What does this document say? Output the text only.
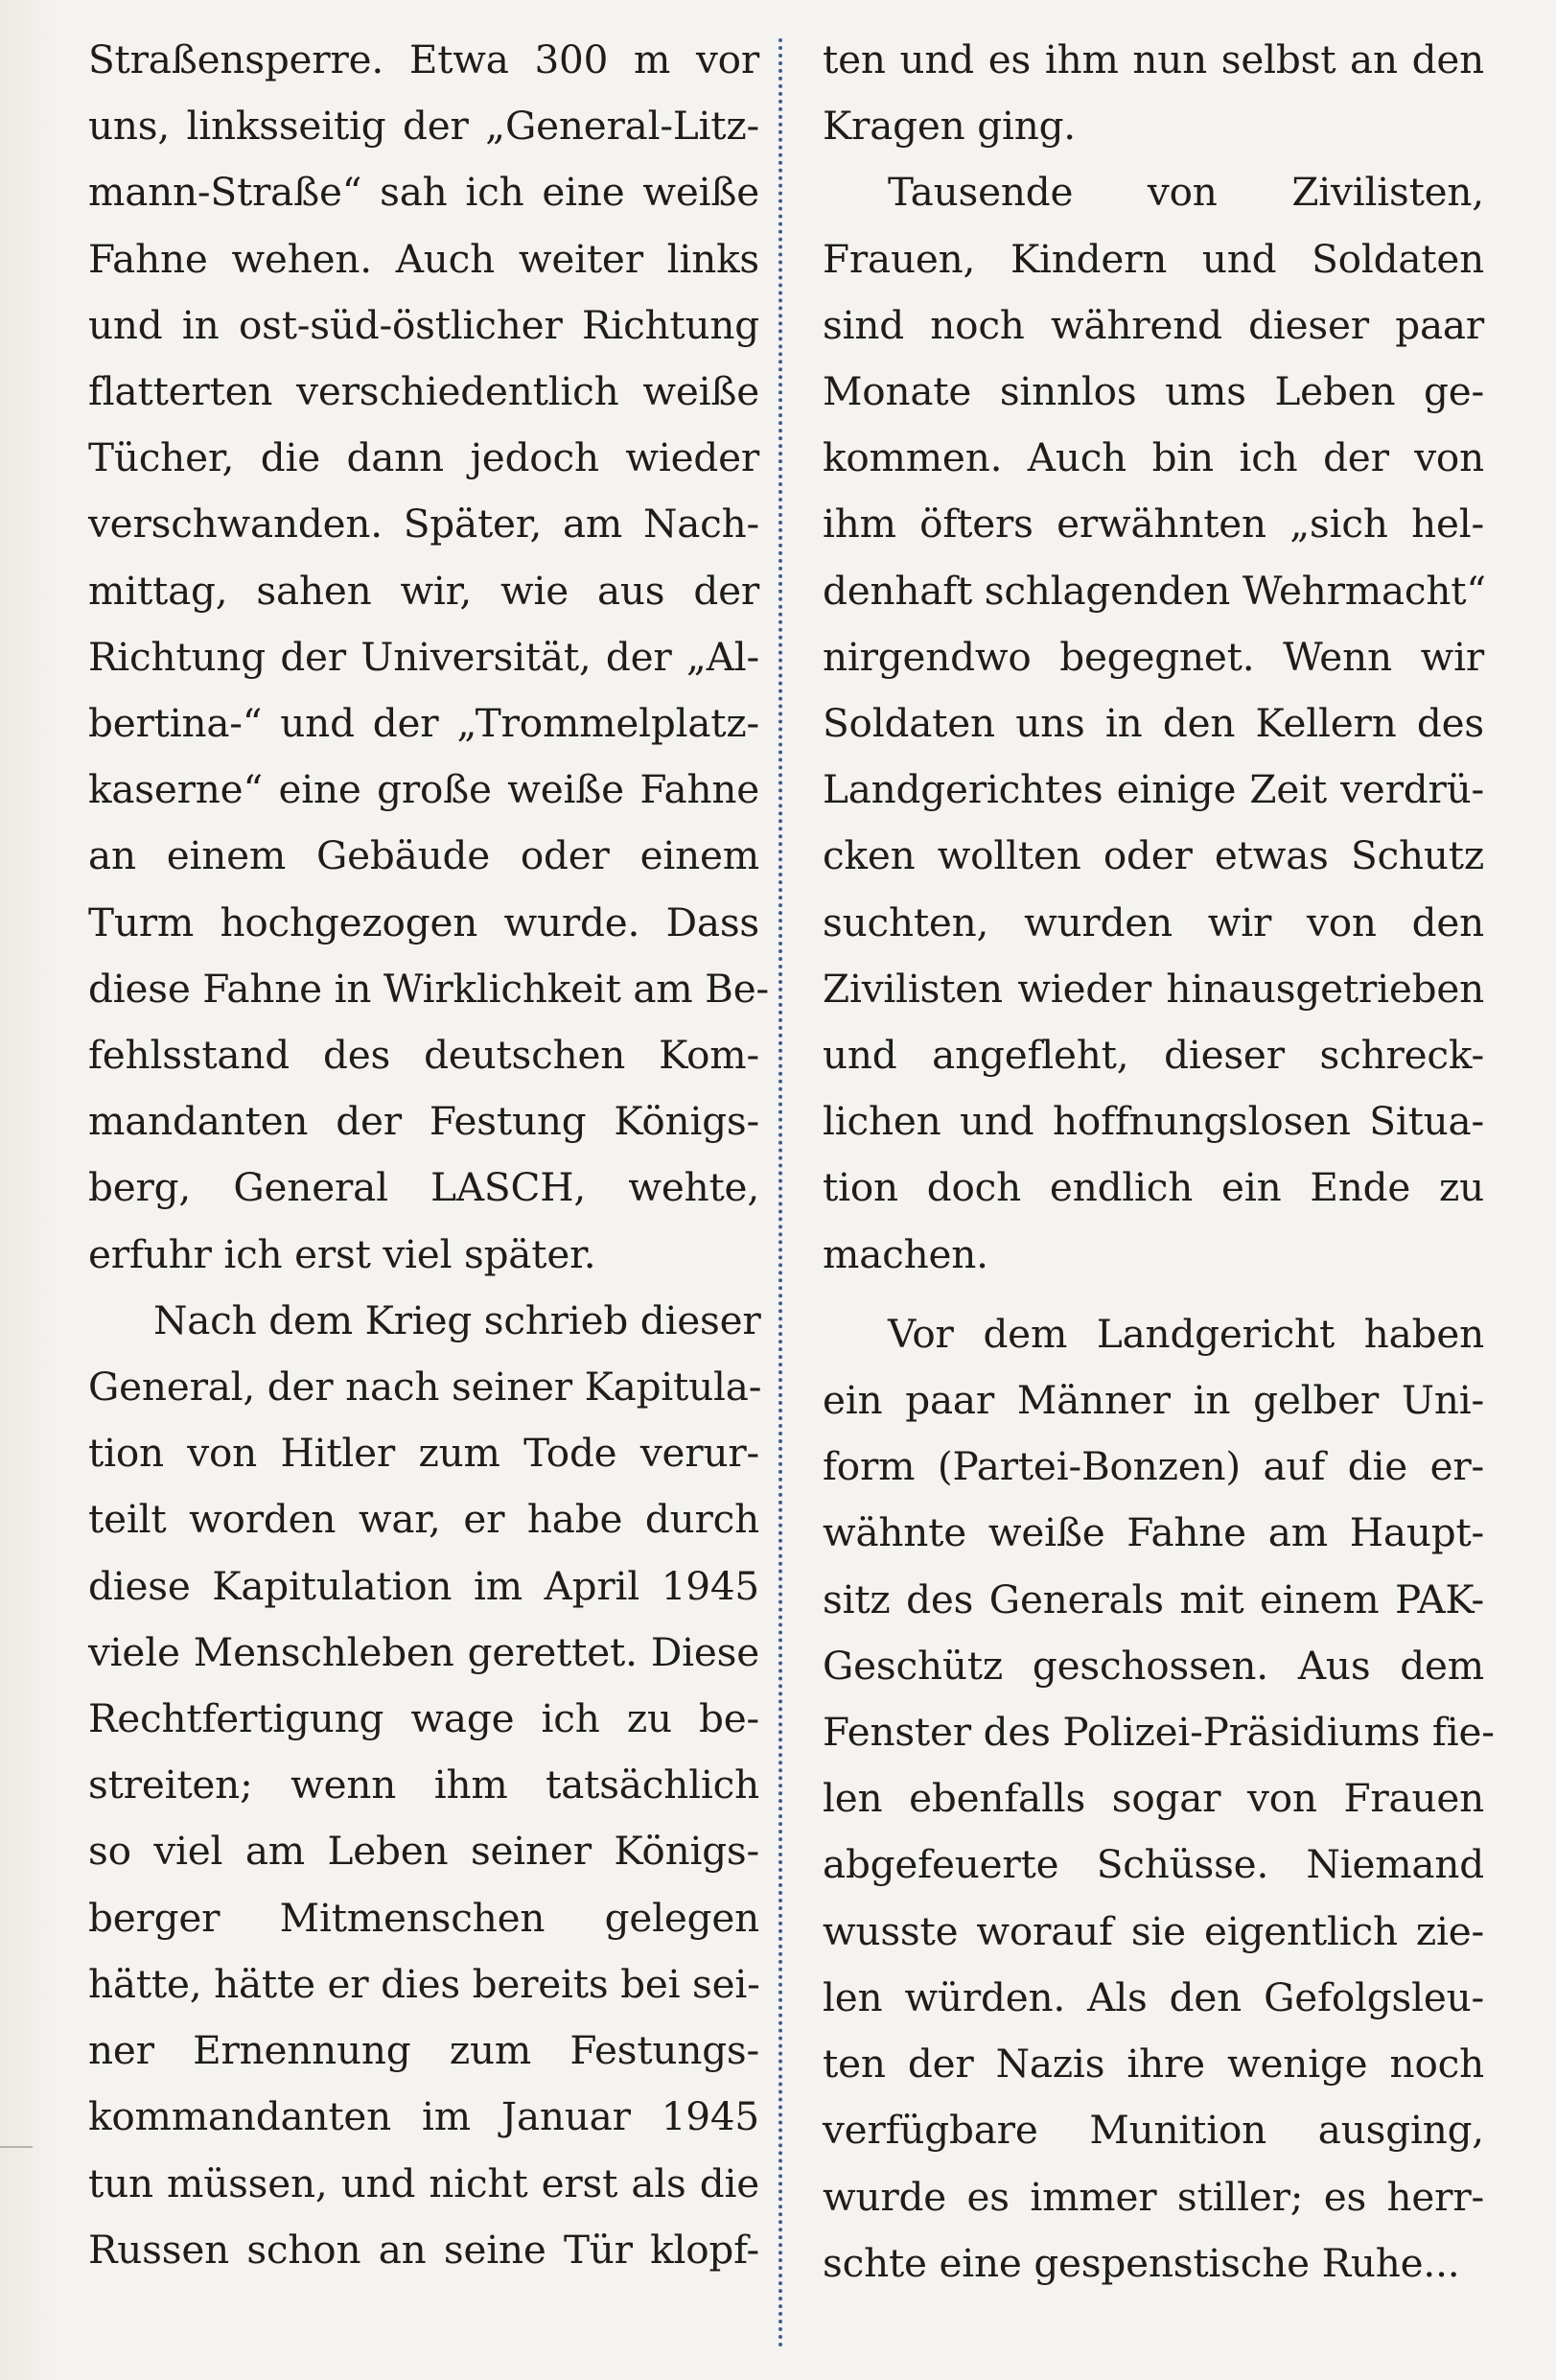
Straßensperre. Etwa 300 m vor
uns, linksseitig der „General-Litz-
mann-Straße“ sah ich eine weiße
Fahne wehen. Auch weiter links
und in ost-süd-östlicher Richtung
flatterten verschiedentlich weiße
Tücher, die dann jedoch wieder
verschwanden. Später, am Nach-
mittag, sahen wir, wie aus der
Richtung der Universität, der „Al-
bertina-“ und der „Trommelplatz-
kaserne“ eine große weiße Fahne
an einem Gebäude oder einem
Turm hochgezogen wurde. Dass
diese Fahne in Wirklichkeit am Be-
fehlsstand des deutschen Kom-
mandanten der Festung Königs-
berg, General LASCH, wehte,
erfuhr ich erst viel später.
Nach dem Krieg schrieb dieser
General, der nach seiner Kapitula-
tion von Hitler zum Tode verur-
teilt worden war, er habe durch
diese Kapitulation im April 1945
viele Menschleben gerettet. Diese
Rechtfertigung wage ich zu be-
streiten; wenn ihm tatsächlich
so viel am Leben seiner Königs-
berger Mitmenschen gelegen
hätte, hätte er dies bereits bei sei-
ner Ernennung zum Festungs-
kommandanten im Januar 1945
tun müssen, und nicht erst als die
Russen schon an seine Tür klopf-
ten und es ihm nun selbst an den
Kragen ging.
Tausende von Zivilisten,
Frauen, Kindern und Soldaten
sind noch während dieser paar
Monate sinnlos ums Leben ge-
kommen. Auch bin ich der von
ihm öfters erwähnten „sich hel-
denhaft schlagenden Wehrmacht“
nirgendwo begegnet. Wenn wir
Soldaten uns in den Kellern des
Landgerichtes einige Zeit verdrü-
cken wollten oder etwas Schutz
suchten, wurden wir von den
Zivilisten wieder hinausgetrieben
und angefleht, dieser schreck-
lichen und hoffnungslosen Situa-
tion doch endlich ein Ende zu
machen.
Vor dem Landgericht haben
ein paar Männer in gelber Uni-
form (Partei-Bonzen) auf die er-
wähnte weiße Fahne am Haupt-
sitz des Generals mit einem PAK-
Geschütz geschossen. Aus dem
Fenster des Polizei-Präsidiums fie-
len ebenfalls sogar von Frauen
abgefeuerte Schüsse. Niemand
wusste worauf sie eigentlich zie-
len würden. Als den Gefolgsleu-
ten der Nazis ihre wenige noch
verfügbare Munition ausging,
wurde es immer stiller; es herr-
schte eine gespenstische Ruhe...
